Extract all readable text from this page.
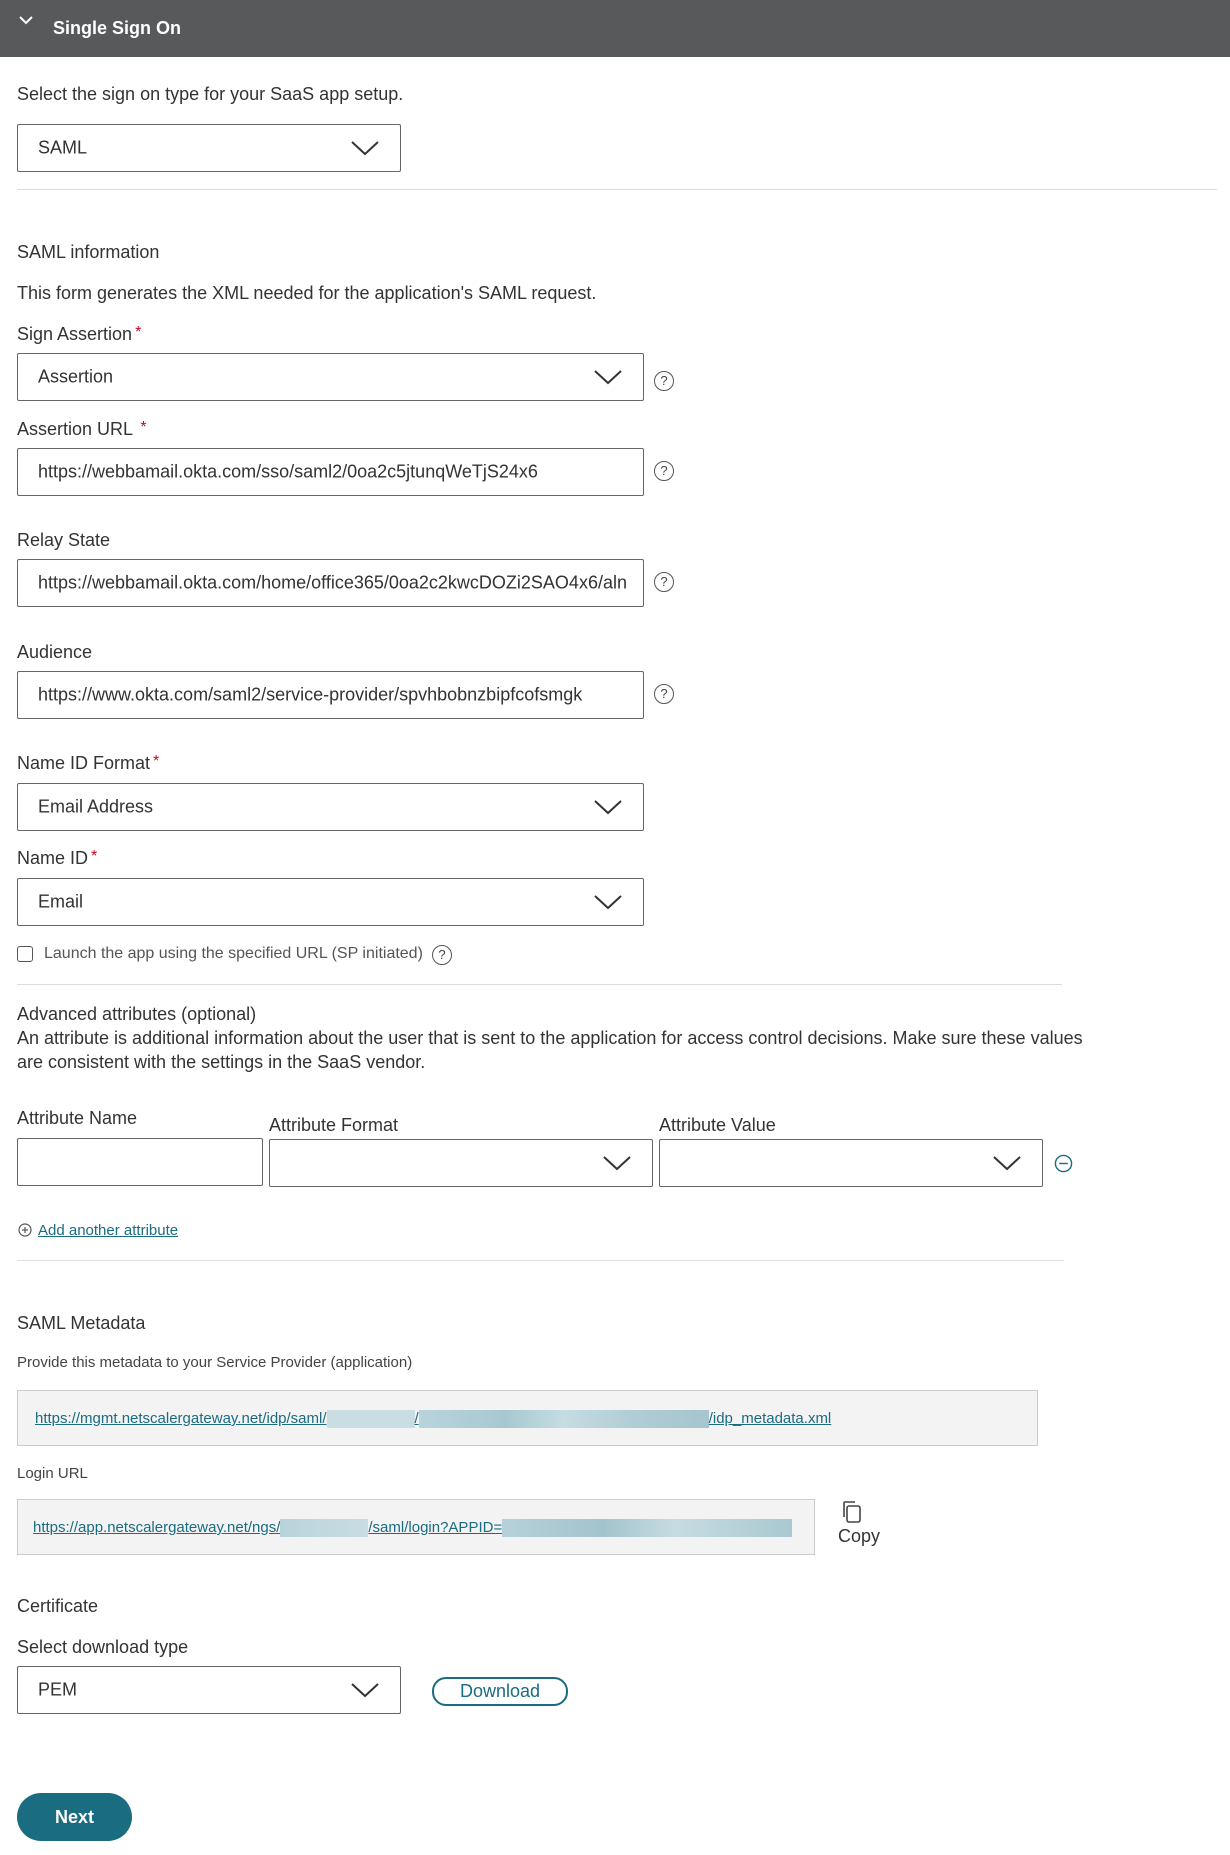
Single Sign On
Select the sign on type for your SaaS app setup.
SAML
SAML information
This form generates the XML needed for the application's SAML request.
Sign Assertion *
Assertion	?
Assertion URL *
https://webbamail.okta.com/sso/saml2/0oa2c5jtunqWeTjS24x6	?
Relay State
https://webbamail.okta.com/home/office365/0oa2c2kwcDOZi2SAO4x6/aln	?
Audience
https://www.okta.com/saml2/service-provider/spvhbobnzbipfcofsmgk	?
Name ID Format *
Email Address
Name ID *
Email
Launch the app using the specified URL (SP initiated)	?
Advanced attributes (optional)
An attribute is additional information about the user that is sent to the application for access control decisions. Make sure these values
are consistent with the settings in the SaaS vendor.
Attribute Name	Attribute Format	Attribute Value
Add another attribute
SAML Metadata
Provide this metadata to your Service Provider (application)
https://mgmt.netscalergateway.net/idp/saml/	/	/idp_metadata.xml
Login URL
https://app.netscalergateway.net/ngs/	/saml/login?APPID=	Copy
Certificate
Select download type
PEM	Download
Next
